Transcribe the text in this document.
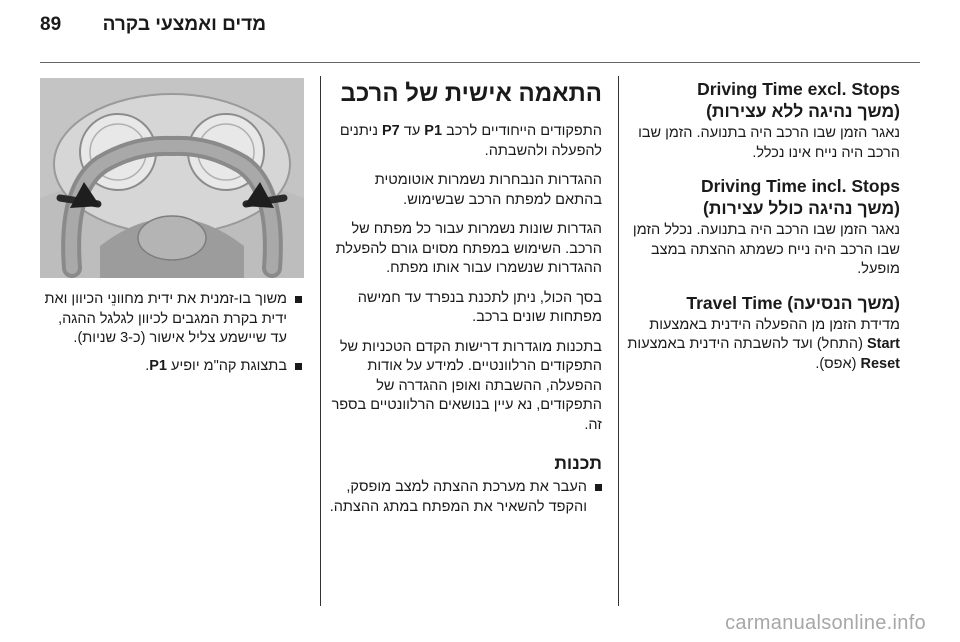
89 מדים ואמצעי בקרה
Driving Time excl. Stops
(משך נהיגה ללא עצירות)

נאגר הזמן שבו הרכב היה בתנועה. הזמן שבו הרכב היה נייח אינו נכלל.

Driving Time incl. Stops
(משך נהיגה כולל עצירות)

נאגר הזמן שבו הרכב היה בתנועה. נכלל הזמן שבו הרכב היה נייח כשמתג ההצתה במצב מופעל.

(משך הנסיעה) Travel Time

מדידת הזמן מן ההפעלה הידנית באמצעות Start (התחל) ועד להשבתה הידנית באמצעות Reset (אפס).

התאמה אישית של הרכב

התפקודים הייחודיים לרכב P1 עד P7 ניתנים להפעלה ולהשבתה.

ההגדרות הנבחרות נשמרות אוטומטית בהתאם למפתח הרכב שבשימוש.

הגדרות שונות נשמרות עבור כל מפתח של הרכב. השימוש במפתח מסוים גורם להפעלת ההגדרות שנשמרו עבור אותו מפתח.

בסך הכול, ניתן לתכנת בנפרד עד חמישה מפתחות שונים ברכב.

בתכנות מוגדרות דרישות הקדם הטכניות של התפקודים הרלוונטיים. למידע על אודות ההפעלה, ההשבתה ואופן ההגדרה של התפקודים, נא עיין בנושאים הרלוונטיים בספר זה.

תכנות
העבר את מערכת ההצתה למצב מופסק, והקפד להשאיר את המפתח במתג ההצתה.
משוך בו-זמנית את ידית מחוונֵי הכיוון ואת ידית בקרת המגבים לכיוון לגלגל ההגה, עד שיישמע צליל אישור (כ-3 שניות).
בתצוגת קה"מ יופיע P1.
carmanualsonline.info
